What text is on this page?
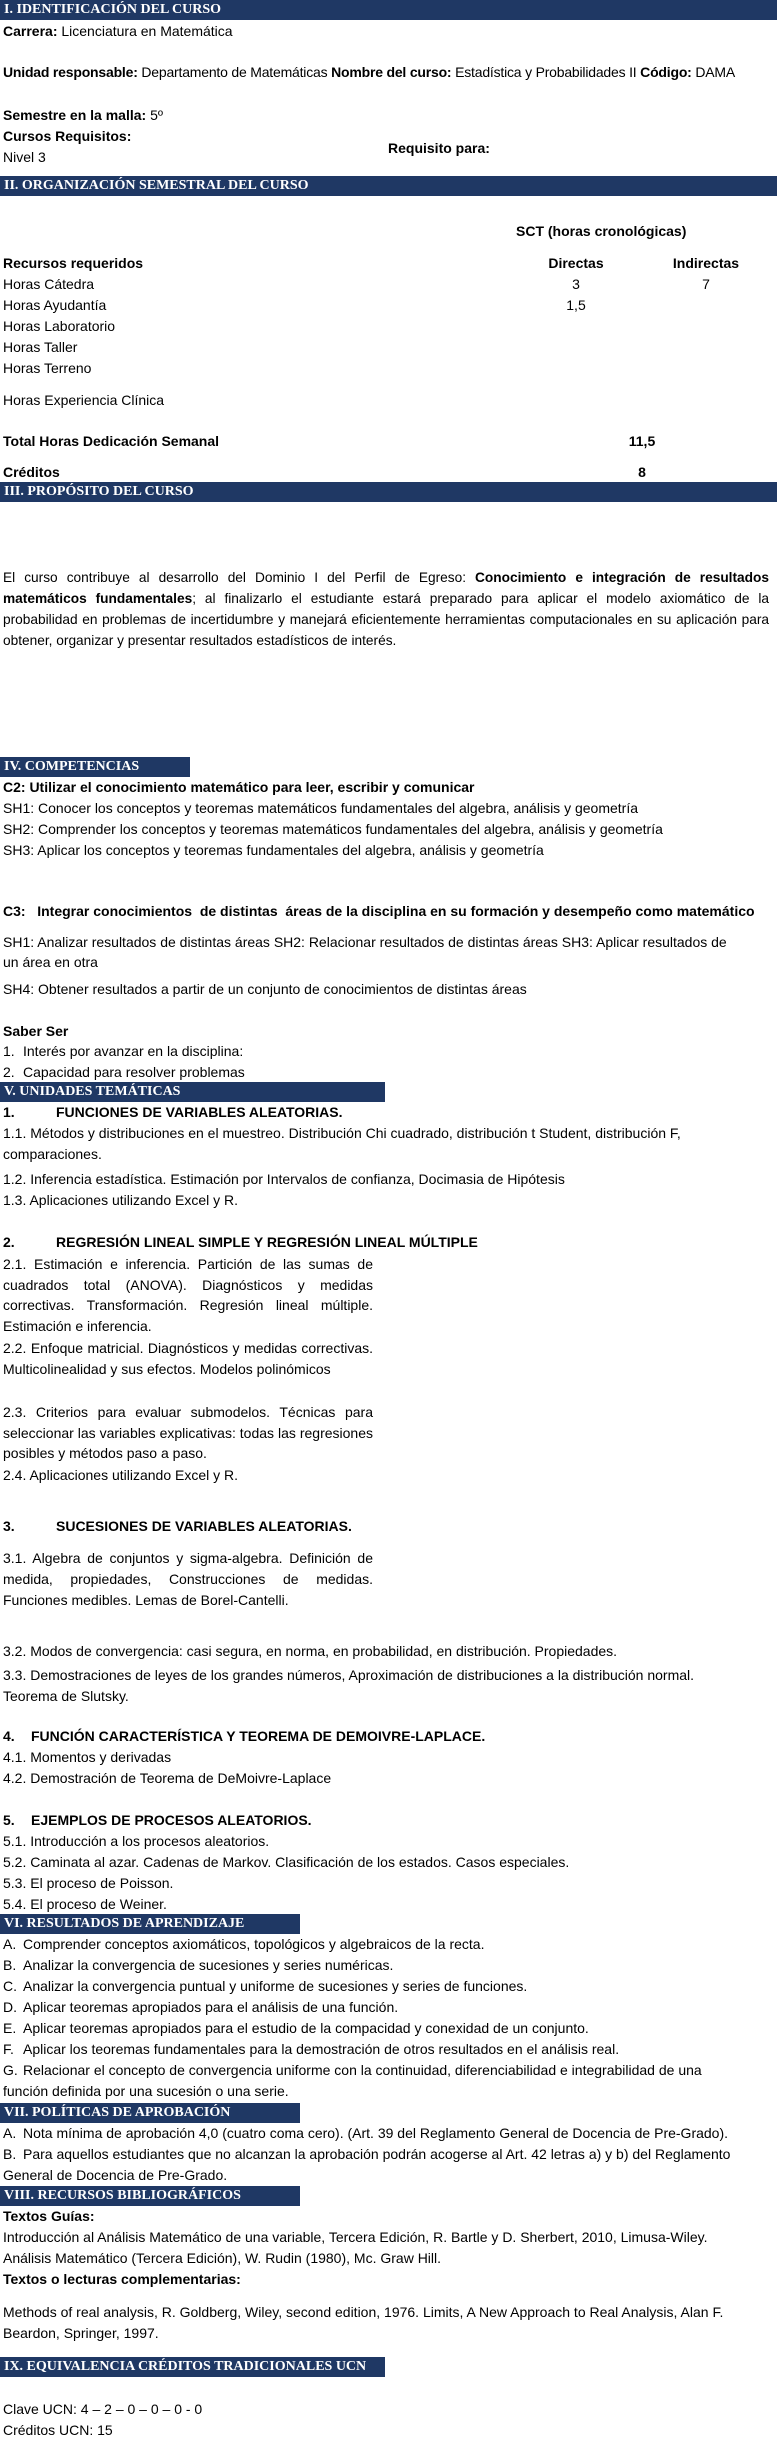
I. IDENTIFICACIÓN DEL CURSO
Carrera: Licenciatura en Matemática
Unidad responsable: Departamento de Matemáticas Nombre del curso: Estadística y Probabilidades II Código: DAMA
Semestre en la malla: 5º
Cursos Requisitos:
Nivel 3
Requisito para:
II. ORGANIZACIÓN SEMESTRAL DEL CURSO
SCT (horas cronológicas)
Recursos requeridos	Directas	Indirectas
Horas Cátedra	3	7
Horas Ayudantía	1,5
Horas Laboratorio
Horas Taller
Horas Terreno
Horas Experiencia Clínica
Total Horas Dedicación Semanal	11,5
Créditos	8
III. PROPÓSITO DEL CURSO
El curso contribuye al desarrollo del Dominio I del Perfil de Egreso: Conocimiento e integración de resultados matemáticos fundamentales; al finalizarlo el estudiante estará preparado para aplicar el modelo axiomático de la probabilidad en problemas de incertidumbre y manejará eficientemente herramientas computacionales en su aplicación para obtener, organizar y presentar resultados estadísticos de interés.
IV. COMPETENCIAS
C2: Utilizar el conocimiento matemático para leer, escribir y comunicar
SH1: Conocer los conceptos y teoremas matemáticos fundamentales del algebra, análisis y geometría
SH2: Comprender los conceptos y teoremas matemáticos fundamentales del algebra, análisis y geometría
SH3: Aplicar los conceptos y teoremas fundamentales del algebra, análisis y geometría
C3:   Integrar conocimientos  de distintas  áreas de la disciplina en su formación y desempeño como matemático
SH1: Analizar resultados de distintas áreas SH2: Relacionar resultados de distintas áreas SH3: Aplicar resultados de
un área en otra
SH4: Obtener resultados a partir de un conjunto de conocimientos de distintas áreas
Saber Ser
1. Interés por avanzar en la disciplina:
2. Capacidad para resolver problemas
V. UNIDADES TEMÁTICAS
1.	FUNCIONES DE VARIABLES ALEATORIAS.
1.1. Métodos y distribuciones en el muestreo. Distribución Chi cuadrado, distribución t Student, distribución F,
comparaciones.
1.2. Inferencia estadística. Estimación por Intervalos de confianza, Docimasia de Hipótesis
1.3. Aplicaciones utilizando Excel y R.
2.	REGRESIÓN LINEAL SIMPLE Y REGRESIÓN LINEAL MÚLTIPLE
2.1. Estimación e inferencia. Partición de las sumas de cuadrados total (ANOVA). Diagnósticos y medidas correctivas. Transformación. Regresión lineal múltiple. Estimación e inferencia.
2.2. Enfoque matricial. Diagnósticos y medidas correctivas. Multicolinealidad y sus efectos. Modelos polinómicos
2.3. Criterios para evaluar submodelos. Técnicas para seleccionar las variables explicativas: todas las regresiones posibles y métodos paso a paso.
2.4. Aplicaciones utilizando Excel y R.
3.	SUCESIONES DE VARIABLES ALEATORIAS.
3.1. Algebra de conjuntos y sigma-algebra. Definición de medida, propiedades, Construcciones de medidas. Funciones medibles. Lemas de Borel-Cantelli.
3.2. Modos de convergencia: casi segura, en norma, en probabilidad, en distribución. Propiedades.
3.3. Demostraciones de leyes de los grandes números, Aproximación de distribuciones a la distribución normal.
Teorema de Slutsky.
4. FUNCIÓN CARACTERÍSTICA Y TEOREMA DE DEMOIVRE-LAPLACE.
4.1. Momentos y derivadas
4.2. Demostración de Teorema de DeMoivre-Laplace
5. EJEMPLOS DE PROCESOS ALEATORIOS.
5.1. Introducción a los procesos aleatorios.
5.2. Caminata al azar. Cadenas de Markov. Clasificación de los estados. Casos especiales.
5.3. El proceso de Poisson.
5.4. El proceso de Weiner.
VI. RESULTADOS DE APRENDIZAJE
A. Comprender conceptos axiomáticos, topológicos y algebraicos de la recta.
B. Analizar la convergencia de sucesiones y series numéricas.
C. Analizar la convergencia puntual y uniforme de sucesiones y series de funciones.
D. Aplicar teoremas apropiados para el análisis de una función.
E. Aplicar teoremas apropiados para el estudio de la compacidad y conexidad de un conjunto.
F. Aplicar los teoremas fundamentales para la demostración de otros resultados en el análisis real.
G. Relacionar el concepto de convergencia uniforme con la continuidad, diferenciabilidad e integrabilidad de una
función definida por una sucesión o una serie.
VII. POLÍTICAS DE APROBACIÓN
A. Nota mínima de aprobación 4,0 (cuatro coma cero). (Art. 39 del Reglamento General de Docencia de Pre-Grado).
B. Para aquellos estudiantes que no alcanzan la aprobación podrán acogerse al Art. 42 letras a) y b) del Reglamento
General de Docencia de Pre-Grado.
VIII. RECURSOS BIBLIOGRÁFICOS
Textos Guías:
Introducción al Análisis Matemático de una variable, Tercera Edición, R. Bartle y D. Sherbert, 2010, Limusa-Wiley.
Análisis Matemático (Tercera Edición), W. Rudin (1980), Mc. Graw Hill.
Textos o lecturas complementarias:
Methods of real analysis, R. Goldberg, Wiley, second edition, 1976. Limits, A New Approach to Real Analysis, Alan F.
Beardon, Springer, 1997.
IX. EQUIVALENCIA CRÉDITOS TRADICIONALES UCN
Clave UCN: 4 – 2 – 0 – 0 – 0 - 0
Créditos UCN: 15
